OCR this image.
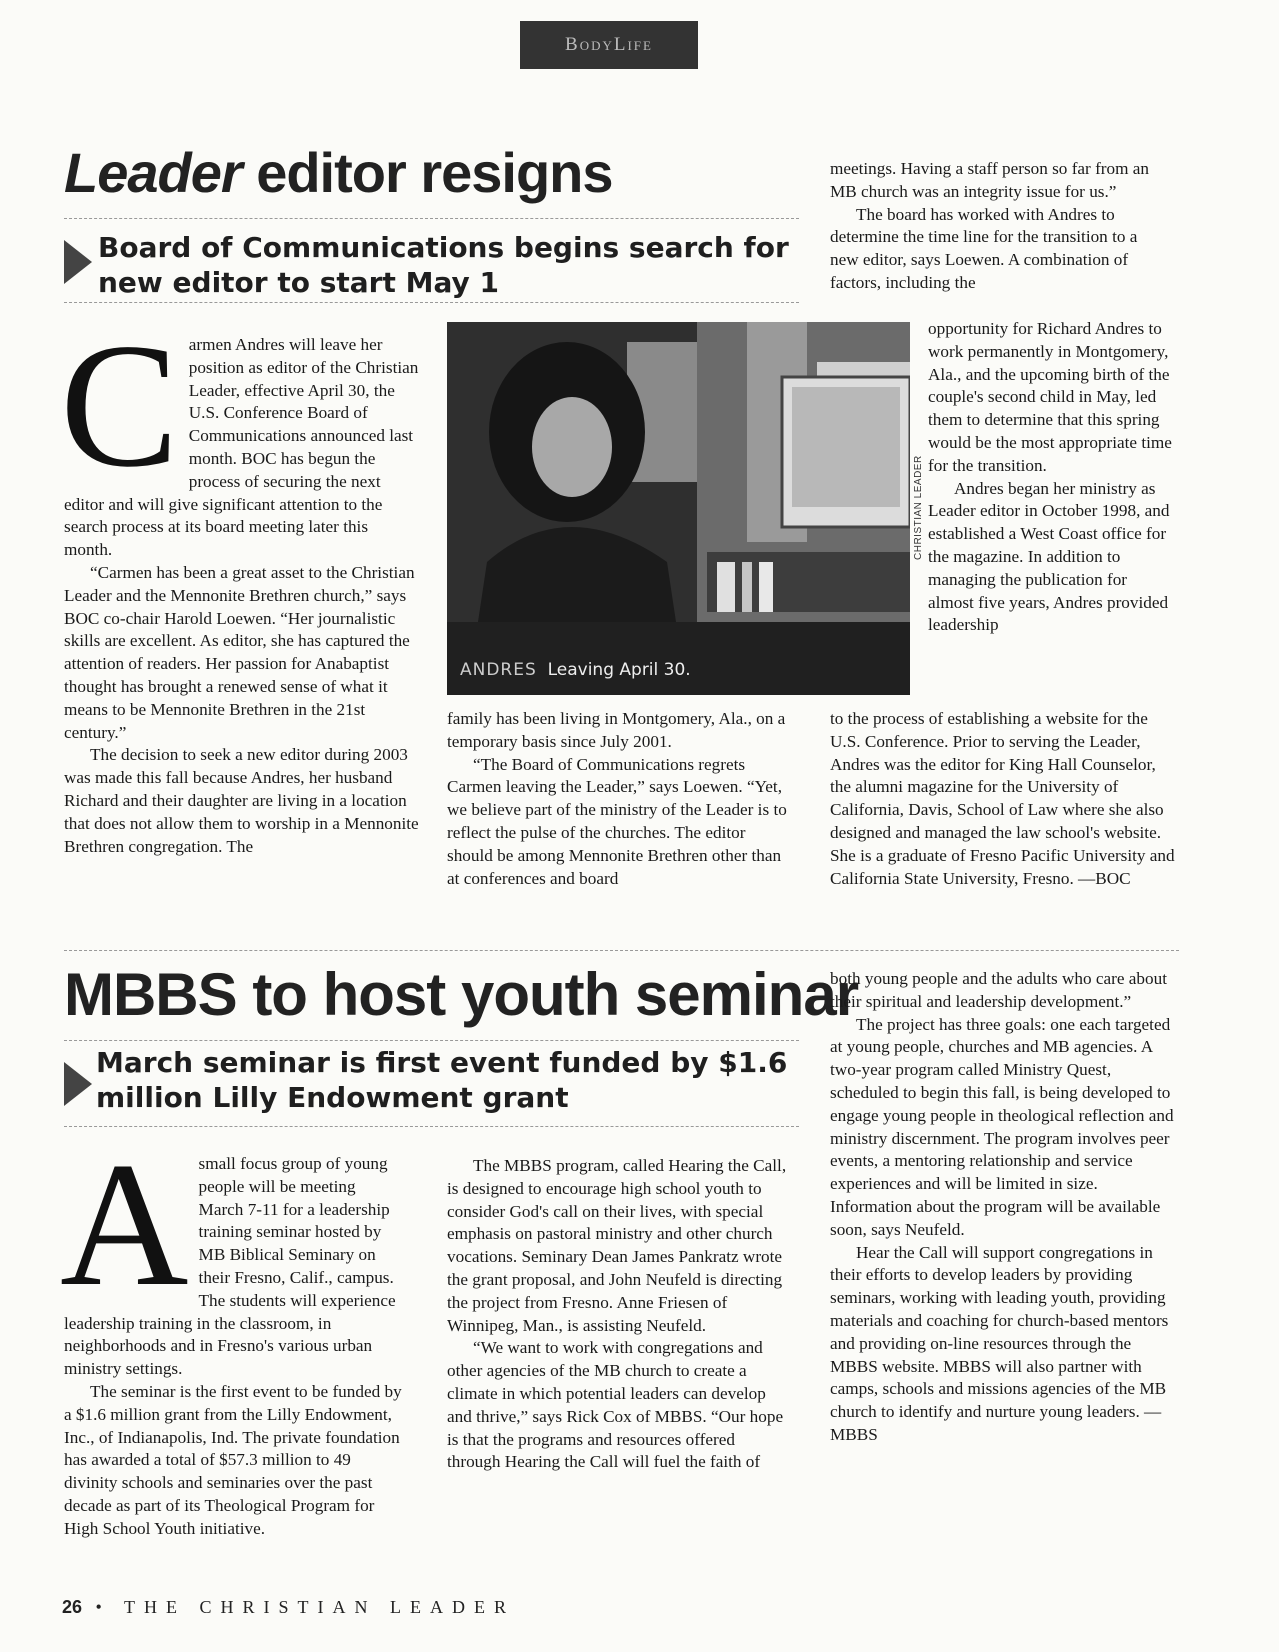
BodyLife
Leader editor resigns
Board of Communications begins search for new editor to start May 1
C armen Andres will leave her position as editor of the Christian Leader, effective April 30, the U.S. Conference Board of Communications announced last month. BOC has begun the process of securing the next editor and will give significant attention to the search process at its board meeting later this month.

“Carmen has been a great asset to the Christian Leader and the Mennonite Brethren church,” says BOC co-chair Harold Loewen. “Her journalistic skills are excellent. As editor, she has captured the attention of readers. Her passion for Anabaptist thought has brought a renewed sense of what it means to be Mennonite Brethren in the 21st century.”

The decision to seek a new editor during 2003 was made this fall because Andres, her husband Richard and their daughter are living in a location that does not allow them to worship in a Mennonite Brethren congregation. The

ANDRES Leaving April 30.
CHRISTIAN LEADER

family has been living in Montgomery, Ala., on a temporary basis since July 2001.

“The Board of Communications regrets Carmen leaving the Leader,” says Loewen. “Yet, we believe part of the ministry of the Leader is to reflect the pulse of the churches. The editor should be among Mennonite Brethren other than at conferences and board

meetings. Having a staff person so far from an MB church was an integrity issue for us.”

The board has worked with Andres to determine the time line for the transition to a new editor, says Loewen. A combination of factors, including the

opportunity for Richard Andres to work permanently in Montgomery, Ala., and the upcoming birth of the couple's second child in May, led them to determine that this spring would be the most appropriate time for the transition.

Andres began her ministry as Leader editor in October 1998, and established a West Coast office for the magazine. In addition to managing the publication for almost five years, Andres provided leadership

to the process of establishing a website for the U.S. Conference. Prior to serving the Leader, Andres was the editor for King Hall Counselor, the alumni magazine for the University of California, Davis, School of Law where she also designed and managed the law school's website. She is a graduate of Fresno Pacific University and California State University, Fresno. —BOC

MBBS to host youth seminar
March seminar is first event funded by $1.6 million Lilly Endowment grant
A small focus group of young people will be meeting March 7-11 for a leadership training seminar hosted by MB Biblical Seminary on their Fresno, Calif., campus. The students will experience leadership training in the classroom, in neighborhoods and in Fresno's various urban ministry settings.

The seminar is the first event to be funded by a $1.6 million grant from the Lilly Endowment, Inc., of Indianapolis, Ind. The private foundation has awarded a total of $57.3 million to 49 divinity schools and seminaries over the past decade as part of its Theological Program for High School Youth initiative.

The MBBS program, called Hearing the Call, is designed to encourage high school youth to consider God's call on their lives, with special emphasis on pastoral ministry and other church vocations. Seminary Dean James Pankratz wrote the grant proposal, and John Neufeld is directing the project from Fresno. Anne Friesen of Winnipeg, Man., is assisting Neufeld.

“We want to work with congregations and other agencies of the MB church to create a climate in which potential leaders can develop and thrive,” says Rick Cox of MBBS. “Our hope is that the programs and resources offered through Hearing the Call will fuel the faith of

both young people and the adults who care about their spiritual and leadership development.”

The project has three goals: one each targeted at young people, churches and MB agencies. A two-year program called Ministry Quest, scheduled to begin this fall, is being developed to engage young people in theological reflection and ministry discernment. The program involves peer events, a mentoring relationship and service experiences and will be limited in size. Information about the program will be available soon, says Neufeld.

Hear the Call will support congregations in their efforts to develop leaders by providing seminars, working with leading youth, providing materials and coaching for church-based mentors and providing on-line resources through the MBBS website. MBBS will also partner with camps, schools and missions agencies of the MB church to identify and nurture young leaders. —MBBS

26 • THE CHRISTIAN LEADER
